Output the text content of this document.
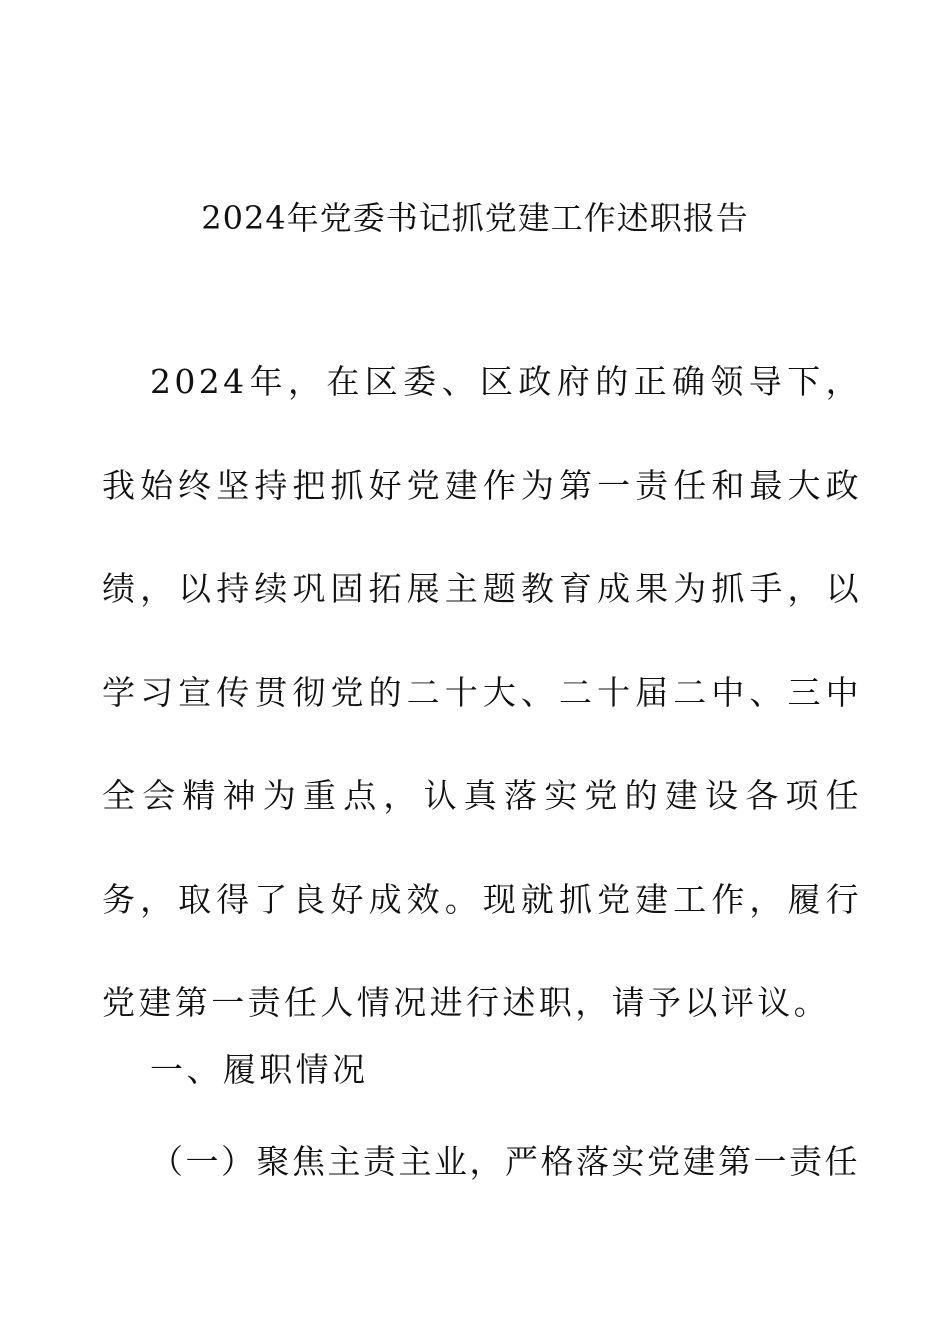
2024年党委书记抓党建工作述职报告

2024年，在区委、区政府的正确领导下，我始终坚持把抓好党建作为第一责任和最大政绩，以持续巩固拓展主题教育成果为抓手，以学习宣传贯彻党的二十大、二十届二中、三中全会精神为重点，认真落实党的建设各项任务，取得了良好成效。现就抓党建工作，履行党建第一责任人情况进行述职，请予以评议。

一、履职情况
（一）聚焦主责主业，严格落实党建第一责任
